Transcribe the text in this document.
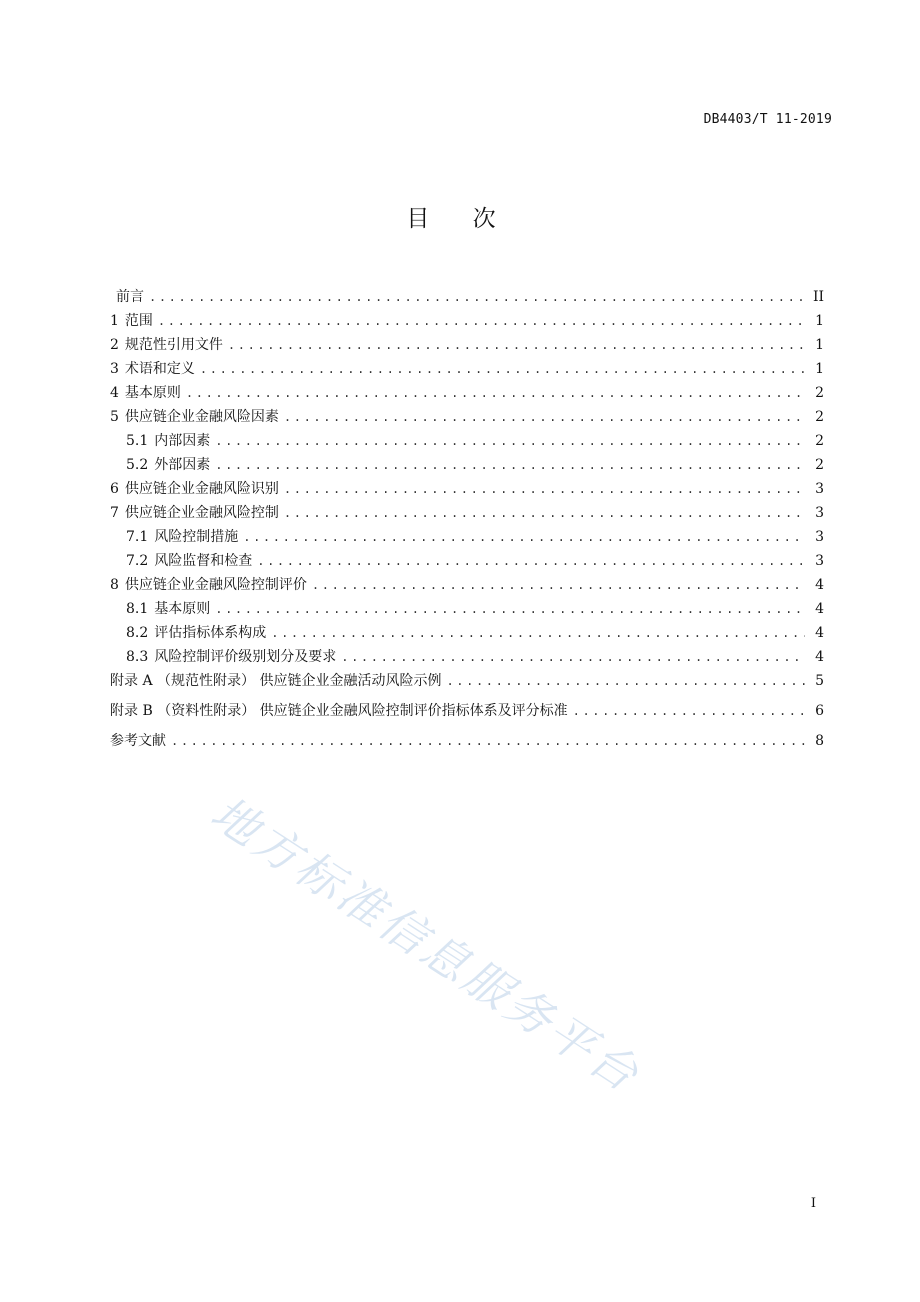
DB4403/T 11-2019
目 次
前言 .....	II
1 范围 .....	1
2 规范性引用文件 .....	1
3 术语和定义 .....	1
4 基本原则 .....	2
5 供应链企业金融风险因素 .....	2
5.1 内部因素 .....	2
5.2 外部因素 .....	2
6 供应链企业金融风险识别 .....	3
7 供应链企业金融风险控制 .....	3
7.1 风险控制措施 .....	3
7.2 风险监督和检查 .....	3
8 供应链企业金融风险控制评价 .....	4
8.1 基本原则 .....	4
8.2 评估指标体系构成 .....	4
8.3 风险控制评价级别划分及要求 .....	4
附录 A （规范性附录） 供应链企业金融活动风险示例 .....	5
附录 B （资料性附录） 供应链企业金融风险控制评价指标体系及评分标准 .....	6
参考文献 .....	8
地方标准信息服务平台
I
